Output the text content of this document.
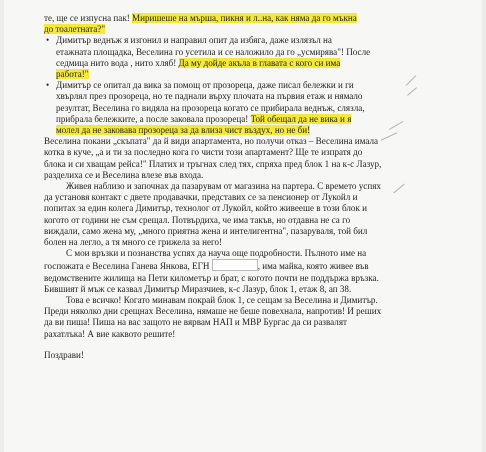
те, ще се изпусна пак! Миришеше на мърша, пикня и л..на, как няма да го мъкна
до тоалетната?"

• Димитър веднъж я изгонил и направил опит да избяга, даже излязъл на
етажната площадка, Веселина го усетила и се наложило да го „усмирява"! После
седмица нито вода , нито хляб! Да му дойде акъла в главата с кого си има
работа!"
• Димитър се опитал да вика за помощ от прозореца, даже писал бележки и ги
хвърлял през прозореца, но те паднали върху плочата на първия етаж и нямало
резултат, Веселина го видяла на прозореца когато се прибирала веднъж, слязла,
прибрала бележките, а после заковала прозореца! Той обещал да не вика и я
молел да не заковава прозореца за да влиза чист въздух, но не би!

Веселина покани „скъпата" да й види апартамента, но получи отказ – Веселина имала
котка в куче, „а и ти за последно кога го чисти този апартамент? Ще те изпратя до
блока и си хващам рейса!" Платих и тръгнах след тях, спряха пред блок 1 на к-с Лазур,
разделиха се и Веселина влезе във входа.

Живея наблизо и започнах да пазарувам от магазина на партера. С времето успях
да установя контакт с двете продавачки, представих се за пенсионер от Лукойл и
попитах за един колега Димитър, технолог от Лукойл, който живееше в този блок и
когото от години не съм срещал. Потвърдиха, че има такъв, но отдавна не са го
виждали, само жена му, „много приятна жена и интелигентна", пазаруваля, той бил
болен на легло, а тя много се грижела за него!

С мои връзки и познанства успях да науча още подробности. Пълното име на
госпожата е Веселина Ганева Янкова, ЕГН	, има майка, която живее във
ведомствените жилища на Пети километър и брат, с когото почти не поддържа връзка.
Бившият й мъж се казвал Димитър Миразчиев, к-с Лазур, блок 1, етаж 8, ап 38.

Това е всичко! Когато минавам покрай блок 1, се сещам за Веселина и Димитър.
Преди няколко дни срещнах Веселина, нямаше не беше повехнала, напротив! И реших
да ви пиша! Пиша на вас защото не вярвам НАП и МВР Бургас да си развалят
рахатлъка! А вие каквото решите!

Поздрави!
